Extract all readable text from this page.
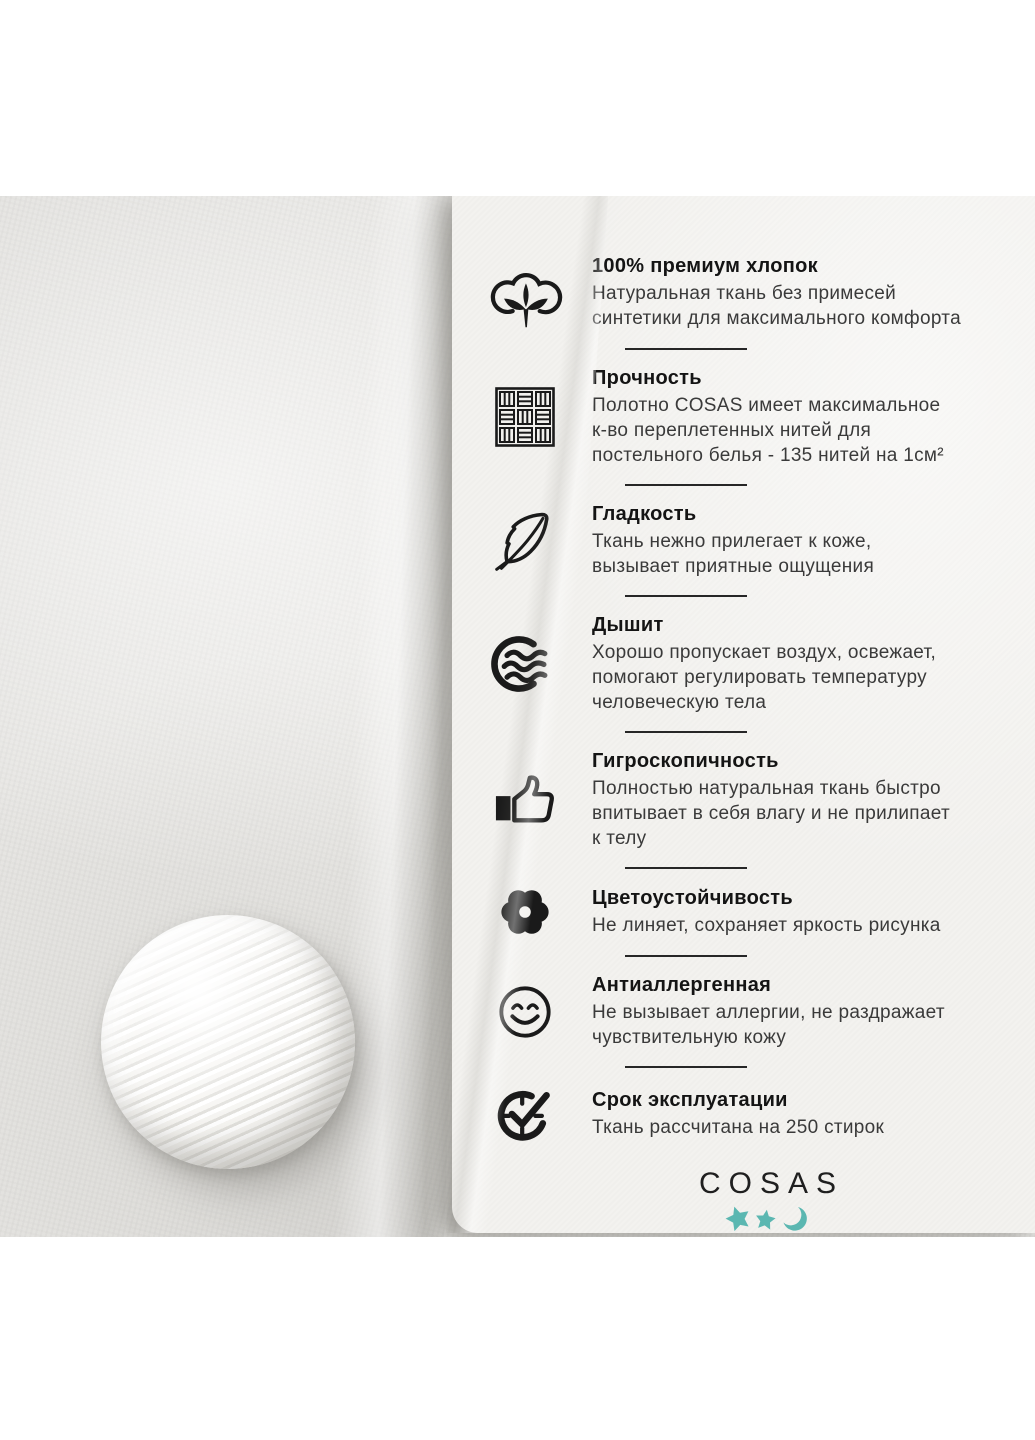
100% премиум хлопок

Натуральная ткань без примесей
синтетики для максимального комфорта

Прочность

Полотно COSAS имеет максимальное
к-во переплетенных нитей для
постельного белья - 135 нитей на 1см²

Гладкость

Ткань нежно прилегает к коже,
вызывает приятные ощущения

Дышит

Хорошо пропускает воздух, освежает,
помогают регулировать температуру
человеческую тела

Гигроскопичность

Полностью натуральная ткань быстро
впитывает в себя влагу и не прилипает
к телу

Цветоустойчивость

Не линяет, сохраняет яркость рисунка

Антиаллергенная

Не вызывает аллергии, не раздражает
чувствительную кожу

Срок эксплуатации

Ткань рассчитана на 250 стирок

COSAS
